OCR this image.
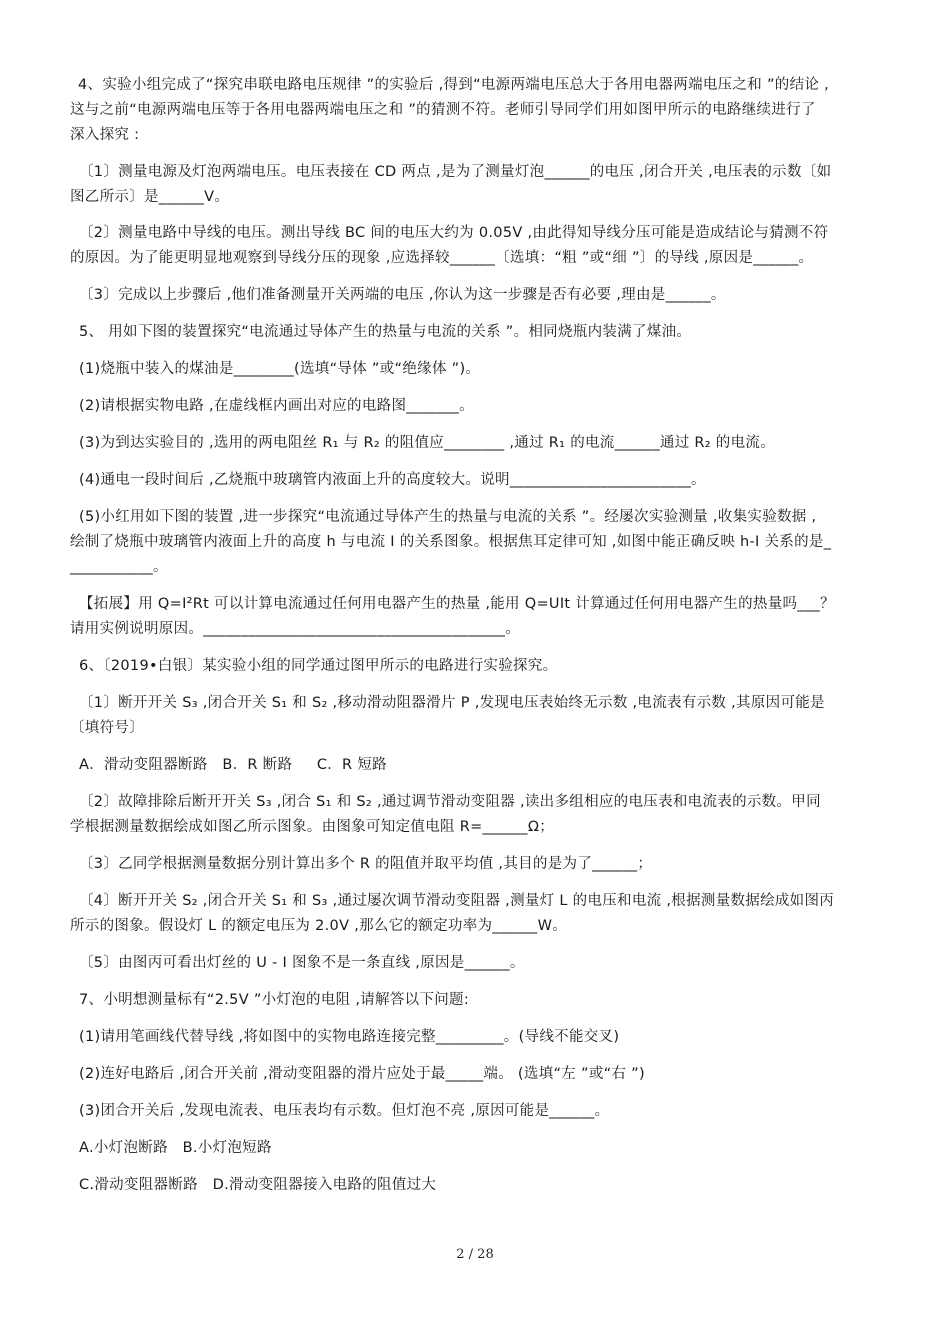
4、实验小组完成了“探究串联电路电压规律 ”的实验后 ,得到“电源两端电压总大于各用电器两端电压之和 ”的结论 ,
这与之前“电源两端电压等于各用电器两端电压之和 ”的猜测不符。老师引导同学们用如图甲所示的电路继续进行了
深入探究 :
〔1〕测量电源及灯泡两端电压。电压表接在 CD 两点 ,是为了测量灯泡______的电压 ,闭合开关 ,电压表的示数〔如
图乙所示〕是______V。
〔2〕测量电路中导线的电压。测出导线 BC 间的电压大约为 0.05V ,由此得知导线分压可能是造成结论与猜测不符
的原因。为了能更明显地观察到导线分压的现象 ,应选择较______〔选填：“粗 ”或“细 ”〕的导线 ,原因是______。
〔3〕完成以上步骤后 ,他们准备测量开关两端的电压 ,你认为这一步骤是否有必要 ,理由是______。
5、 用如下图的装置探究“电流通过导体产生的热量与电流的关系 ”。相同烧瓶内装满了煤油。
(1)烧瓶中装入的煤油是________(选填“导体 ”或“绝缘体 ”)。
(2)请根据实物电路 ,在虚线框内画出对应的电路图_______。
(3)为到达实验目的 ,选用的两电阻丝 R₁ 与 R₂ 的阻值应________ ,通过 R₁ 的电流______通过 R₂ 的电流。
(4)通电一段时间后 ,乙烧瓶中玻璃管内液面上升的高度较大。说明________________________。
(5)小红用如下图的装置 ,进一步探究“电流通过导体产生的热量与电流的关系 ”。经屡次实验测量 ,收集实验数据 ,
绘制了烧瓶中玻璃管内液面上升的高度 h 与电流 I 的关系图象。根据焦耳定律可知 ,如图中能正确反映 h-I 关系的是_
___________。
【拓展】用 Q=I²Rt 可以计算电流通过任何用电器产生的热量 ,能用 Q=UIt 计算通过任何用电器产生的热量吗___？
请用实例说明原因。________________________________________。
6、〔2019•白银〕某实验小组的同学通过图甲所示的电路进行实验探究。
〔1〕断开开关 S₃ ,闭合开关 S₁ 和 S₂ ,移动滑动阻器滑片 P ,发现电压表始终无示数 ,电流表有示数 ,其原因可能是
〔填符号〕
A．滑动变阻器断路   B．R 断路     C．R 短路
〔2〕故障排除后断开开关 S₃ ,闭合 S₁ 和 S₂ ,通过调节滑动变阻器 ,读出多组相应的电压表和电流表的示数。甲同
学根据测量数据绘成如图乙所示图象。由图象可知定值电阻 R=______Ω；
〔3〕乙同学根据测量数据分别计算出多个 R 的阻值并取平均值 ,其目的是为了______；
〔4〕断开开关 S₂ ,闭合开关 S₁ 和 S₃ ,通过屡次调节滑动变阻器 ,测量灯 L 的电压和电流 ,根据测量数据绘成如图丙
所示的图象。假设灯 L 的额定电压为 2.0V ,那么它的额定功率为______W。
〔5〕由图丙可看出灯丝的 U - I 图象不是一条直线 ,原因是______。
7、小明想测量标有“2.5V ”小灯泡的电阻 ,请解答以下问题:
(1)请用笔画线代替导线 ,将如图中的实物电路连接完整_________。(导线不能交叉)
(2)连好电路后 ,闭合开关前 ,滑动变阻器的滑片应处于最_____端。 (选填“左 ”或“右 ”)
(3)团合开关后 ,发现电流表、电压表均有示数。但灯泡不亮 ,原因可能是______。
A.小灯泡断路   B.小灯泡短路
C.滑动变阻器断路   D.滑动变阻器接入电路的阻值过大
2 / 28
